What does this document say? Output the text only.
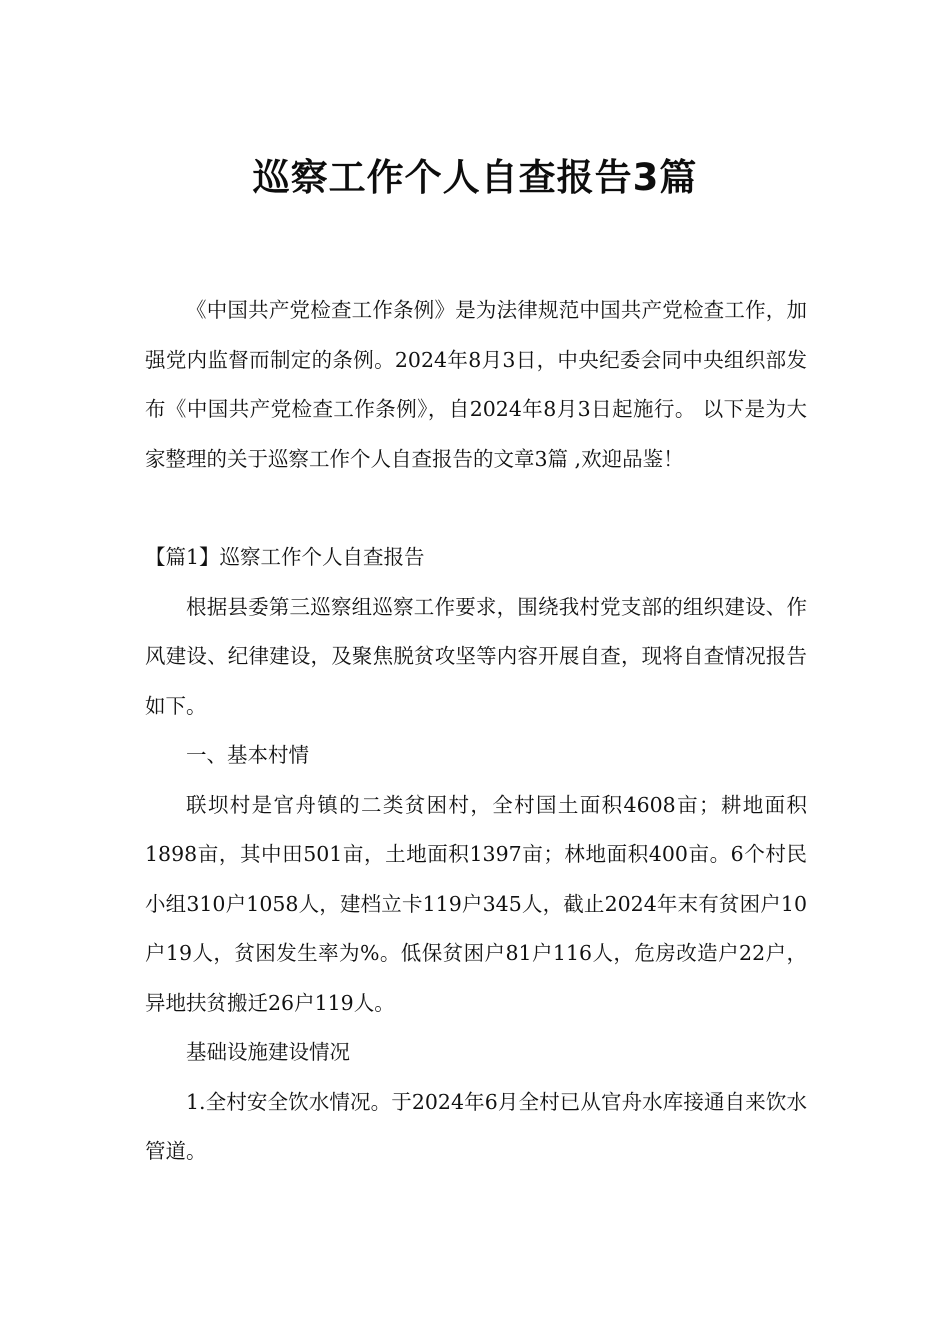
巡察工作个人自查报告3篇

《中国共产党检查工作条例》是为法律规范中国共产党检查工作，加强党内监督而制定的条例。2024年8月3日，中央纪委会同中央组织部发布《中国共产党检查工作条例》，自2024年8月3日起施行。 以下是为大家整理的关于巡察工作个人自查报告的文章3篇 ,欢迎品鉴！

【篇1】巡察工作个人自查报告

根据县委第三巡察组巡察工作要求，围绕我村党支部的组织建设、作风建设、纪律建设，及聚焦脱贫攻坚等内容开展自查，现将自查情况报告如下。

一、基本村情

联坝村是官舟镇的二类贫困村，全村国土面积4608亩；耕地面积1898亩，其中田501亩，土地面积1397亩；林地面积400亩。6个村民小组310户1058人，建档立卡119户345人，截止2024年末有贫困户10户19人，贫困发生率为%。低保贫困户81户116人，危房改造户22户，异地扶贫搬迁26户119人。

基础设施建设情况

1.全村安全饮水情况。于2024年6月全村已从官舟水库接通自来饮水管道。
